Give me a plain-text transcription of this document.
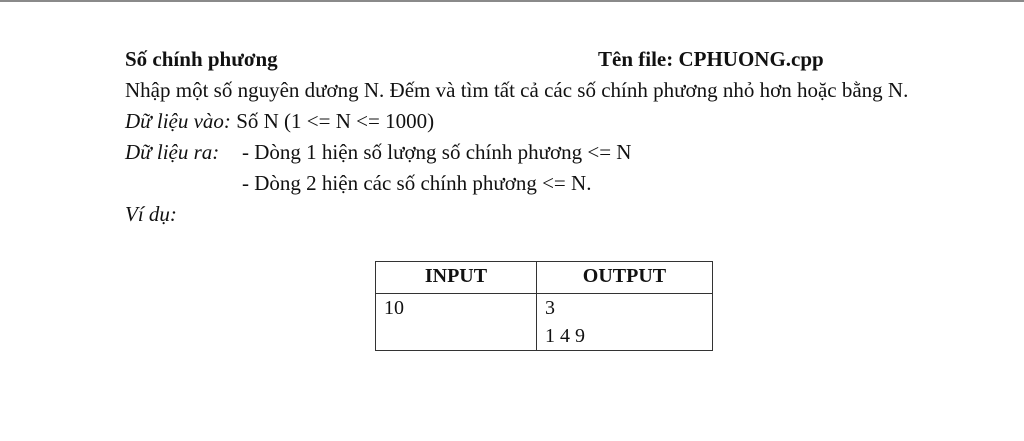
Số chính phương	Tên file: CPHUONG.cpp

Nhập một số nguyên dương N. Đếm và tìm tất cả các số chính phương nhỏ hơn hoặc bằng N.

Dữ liệu vào: Số N (1 <= N <= 1000)
Dữ liệu ra: - Dòng 1 hiện số lượng số chính phương <= N
- Dòng 2 hiện các số chính phương <= N.
Ví dụ:
INPUT	OUTPUT
10	3
1 4 9
